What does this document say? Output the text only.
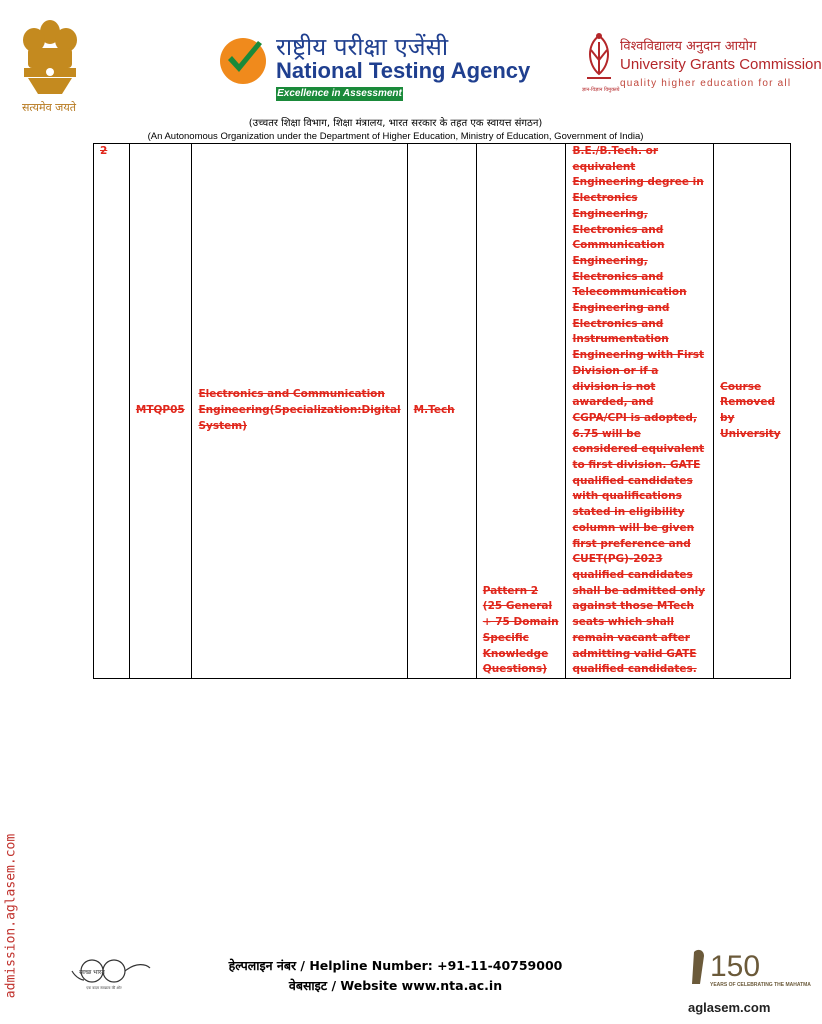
सत्यमेव जयते
राष्ट्रीय परीक्षा एजेंसी
National Testing Agency
Excellence in Assessment	ज्ञान-विज्ञान विमुक्तये
विश्वविद्यालय अनुदान आयोग
University Grants Commission
quality higher education for all
(उच्चतर शिक्षा विभाग, शिक्षा मंत्रालय, भारत सरकार के तहत एक स्वायत्त संगठन)
(An Autonomous Organization under the Department of Higher Education, Ministry of Education, Government of India)
2	MTQP05	Electronics and Communication Engineering(Specialization:Digital System)	M.Tech	Pattern 2 (25 General + 75 Domain Specific Knowledge Questions)	B.E./B.Tech. or equivalent Engineering degree in Electronics Engineering, Electronics and Communication Engineering, Electronics and Telecommunication Engineering and Electronics and Instrumentation Engineering with First Division or if a division is not awarded, and CGPA/CPI is adopted, 6.75 will be considered equivalent to first division. GATE qualified candidates with qualifications stated in eligibility column will be given first preference and CUET(PG)-2023 qualified candidates shall be admitted only against those MTech seats which shall remain vacant after admitting valid GATE qualified candidates.	Course Removed by University
admission.aglasem.com	स्वच्छ भारत
एक कदम स्वच्छता की ओर
हेल्पलाइन नंबर / Helpline Number: +91-11-40759000
वेबसाइट / Website www.nta.ac.in
150
YEARS OF CELEBRATING THE MAHATMA
aglasem.com
